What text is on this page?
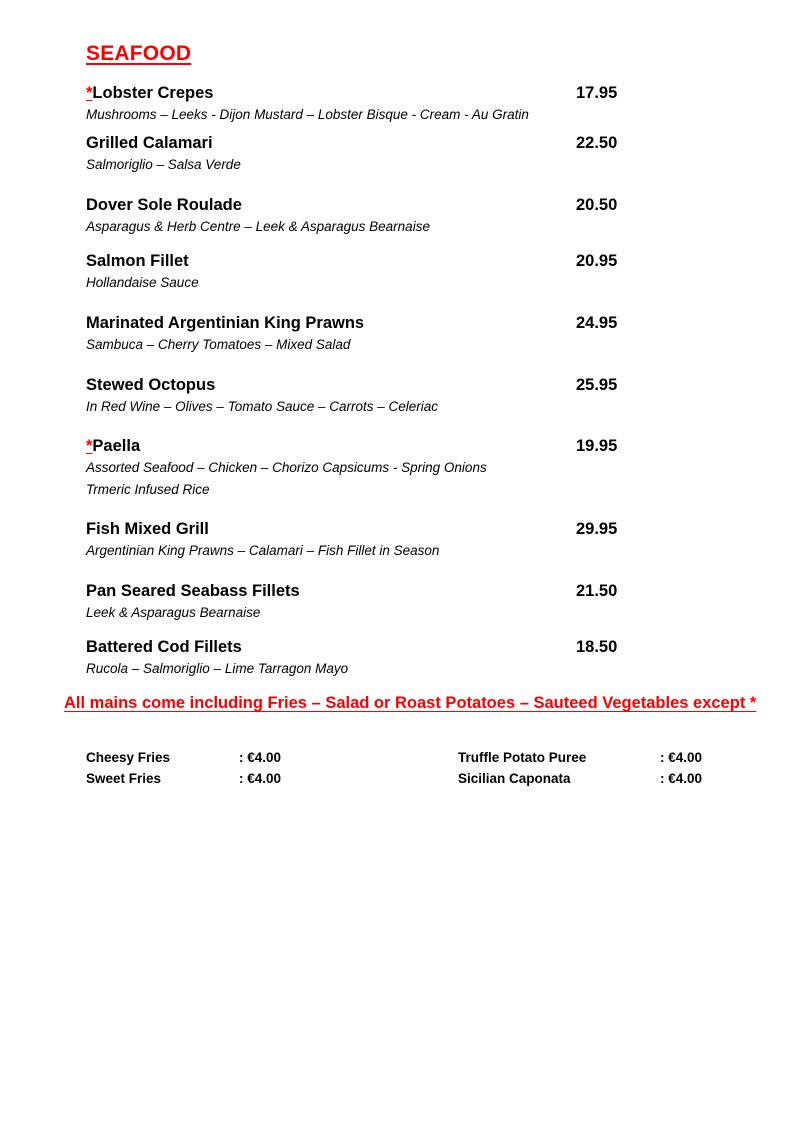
SEAFOOD
*Lobster Crepes	17.95
Mushrooms – Leeks - Dijon Mustard – Lobster Bisque - Cream - Au Gratin
Grilled Calamari	22.50
Salmoriglio – Salsa Verde
Dover Sole Roulade	20.50
Asparagus & Herb Centre – Leek & Asparagus Bearnaise
Salmon Fillet	20.95
Hollandaise Sauce
Marinated Argentinian King Prawns	24.95
Sambuca – Cherry Tomatoes – Mixed Salad
Stewed Octopus	25.95
In Red Wine – Olives – Tomato Sauce – Carrots – Celeriac
*Paella	19.95
Assorted Seafood – Chicken – Chorizo Capsicums - Spring Onions
Trmeric Infused Rice
Fish Mixed Grill	29.95
Argentinian King Prawns – Calamari – Fish Fillet in Season
Pan Seared Seabass Fillets	21.50
Leek & Asparagus Bearnaise
Battered Cod Fillets	18.50
Rucola – Salmoriglio – Lime Tarragon Mayo
All mains come including Fries – Salad or Roast Potatoes – Sauteed Vegetables except *
Cheesy Fries	: €4.00
Sweet Fries	: €4.00
Truffle Potato Puree	: €4.00
Sicilian Caponata	: €4.00
